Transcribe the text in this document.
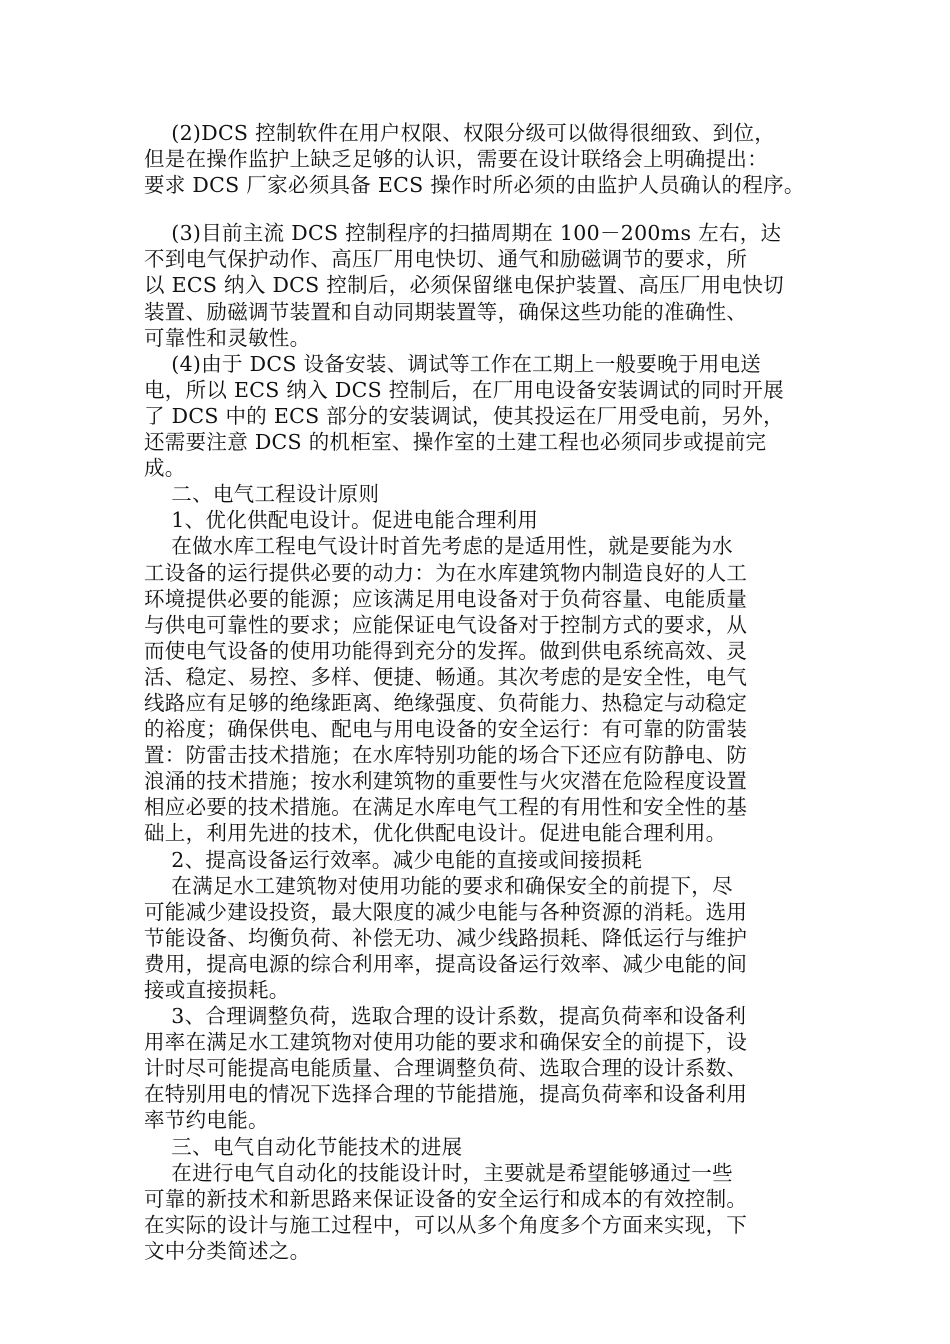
(2)DCS 控制软件在用户权限、权限分级可以做得很细致、到位，
但是在操作监护上缺乏足够的认识，需要在设计联络会上明确提出：
要求 DCS 厂家必须具备 ECS 操作时所必须的由监护人员确认的程序。
(3)目前主流 DCS 控制程序的扫描周期在 100－200ms 左右，达
不到电气保护动作、高压厂用电快切、通气和励磁调节的要求，所
以 ECS 纳入 DCS 控制后，必须保留继电保护装置、高压厂用电快切
装置、励磁调节装置和自动同期装置等，确保这些功能的准确性、
可靠性和灵敏性。
(4)由于 DCS 设备安装、调试等工作在工期上一般要晚于用电送
电，所以 ECS 纳入 DCS 控制后，在厂用电设备安装调试的同时开展
了 DCS 中的 ECS 部分的安装调试，使其投运在厂用受电前，另外，
还需要注意 DCS 的机柜室、操作室的土建工程也必须同步或提前完
成。
二、电气工程设计原则
1、优化供配电设计。促进电能合理利用
在做水库工程电气设计时首先考虑的是适用性，就是要能为水
工设备的运行提供必要的动力：为在水库建筑物内制造良好的人工
环境提供必要的能源；应该满足用电设备对于负荷容量、电能质量
与供电可靠性的要求；应能保证电气设备对于控制方式的要求，从
而使电气设备的使用功能得到充分的发挥。做到供电系统高效、灵
活、稳定、易控、多样、便捷、畅通。其次考虑的是安全性，电气
线路应有足够的绝缘距离、绝缘强度、负荷能力、热稳定与动稳定
的裕度；确保供电、配电与用电设备的安全运行：有可靠的防雷装
置：防雷击技术措施；在水库特别功能的场合下还应有防静电、防
浪涌的技术措施；按水利建筑物的重要性与火灾潜在危险程度设置
相应必要的技术措施。在满足水库电气工程的有用性和安全性的基
础上，利用先进的技术，优化供配电设计。促进电能合理利用。
2、提高设备运行效率。减少电能的直接或间接损耗
在满足水工建筑物对使用功能的要求和确保安全的前提下，尽
可能减少建设投资，最大限度的减少电能与各种资源的消耗。选用
节能设备、均衡负荷、补偿无功、减少线路损耗、降低运行与维护
费用，提高电源的综合利用率，提高设备运行效率、减少电能的间
接或直接损耗。
3、合理调整负荷，选取合理的设计系数，提高负荷率和设备利
用率在满足水工建筑物对使用功能的要求和确保安全的前提下，设
计时尽可能提高电能质量、合理调整负荷、选取合理的设计系数、
在特别用电的情况下选择合理的节能措施，提高负荷率和设备利用
率节约电能。
三、电气自动化节能技术的进展
在进行电气自动化的技能设计时，主要就是希望能够通过一些
可靠的新技术和新思路来保证设备的安全运行和成本的有效控制。
在实际的设计与施工过程中，可以从多个角度多个方面来实现，下
文中分类简述之。
